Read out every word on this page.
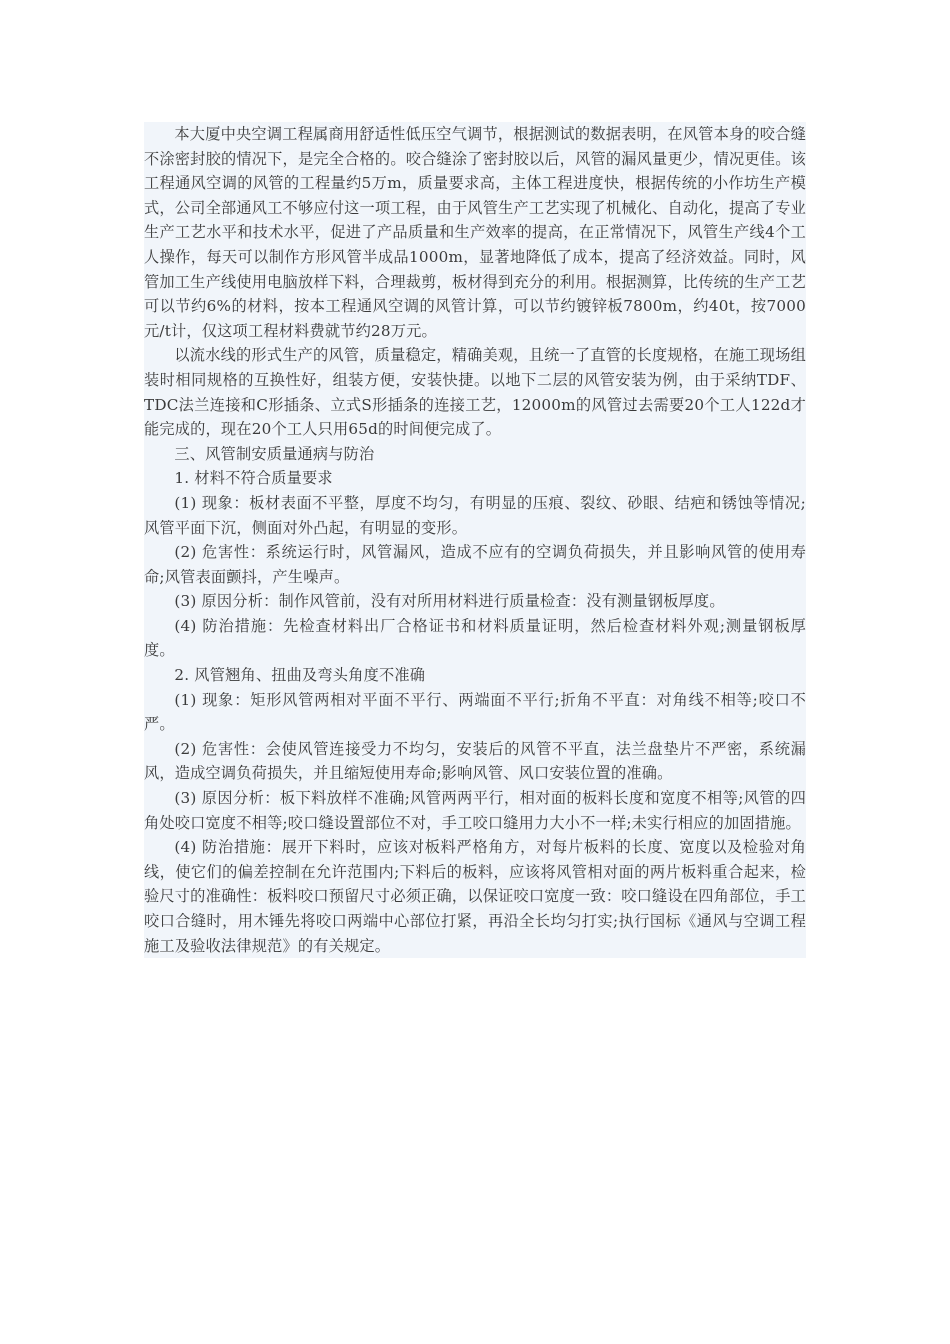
本大厦中央空调工程属商用舒适性低压空气调节，根据测试的数据表明，在风管本身的咬合缝不涂密封胶的情况下，是完全合格的。咬合缝涂了密封胶以后，风管的漏风量更少，情况更佳。该工程通风空调的风管的工程量约5万m，质量要求高，主体工程进度快，根据传统的小作坊生产模式，公司全部通风工不够应付这一项工程，由于风管生产工艺实现了机械化、自动化，提高了专业生产工艺水平和技术水平，促进了产品质量和生产效率的提高，在正常情况下，风管生产线4个工人操作，每天可以制作方形风管半成品1000m，显著地降低了成本，提高了经济效益。同时，风管加工生产线使用电脑放样下料，合理裁剪，板材得到充分的利用。根据测算，比传统的生产工艺可以节约6%的材料，按本工程通风空调的风管计算，可以节约镀锌板7800m，约40t，按7000元/t计，仅这项工程材料费就节约28万元。

以流水线的形式生产的风管，质量稳定，精确美观，且统一了直管的长度规格，在施工现场组装时相同规格的互换性好，组装方便，安装快捷。以地下二层的风管安装为例，由于采纳TDF、TDC法兰连接和C形插条、立式S形插条的连接工艺，12000m的风管过去需要20个工人122d才能完成的，现在20个工人只用65d的时间便完成了。

三、风管制安质量通病与防治

1. 材料不符合质量要求

(1) 现象：板材表面不平整，厚度不均匀，有明显的压痕、裂纹、砂眼、结疤和锈蚀等情况;风管平面下沉，侧面对外凸起，有明显的变形。

(2) 危害性：系统运行时，风管漏风，造成不应有的空调负荷损失，并且影响风管的使用寿命;风管表面颤抖，产生噪声。

(3) 原因分析：制作风管前，没有对所用材料进行质量检查：没有测量钢板厚度。

(4) 防治措施：先检查材料出厂合格证书和材料质量证明，然后检查材料外观;测量钢板厚度。

2. 风管翘角、扭曲及弯头角度不准确

(1) 现象：矩形风管两相对平面不平行、两端面不平行;折角不平直：对角线不相等;咬口不严。

(2) 危害性：会使风管连接受力不均匀，安装后的风管不平直，法兰盘垫片不严密，系统漏风，造成空调负荷损失，并且缩短使用寿命;影响风管、风口安装位置的准确。

(3) 原因分析：板下料放样不准确;风管两两平行，相对面的板料长度和宽度不相等;风管的四角处咬口宽度不相等;咬口缝设置部位不对，手工咬口缝用力大小不一样;未实行相应的加固措施。

(4) 防治措施：展开下料时，应该对板料严格角方，对每片板料的长度、宽度以及检验对角线，使它们的偏差控制在允许范围内;下料后的板料，应该将风管相对面的两片板料重合起来，检验尺寸的准确性：板料咬口预留尺寸必须正确，以保证咬口宽度一致：咬口缝设在四角部位，手工咬口合缝时，用木锤先将咬口两端中心部位打紧，再沿全长均匀打实;执行国标《通风与空调工程施工及验收法律规范》的有关规定。
